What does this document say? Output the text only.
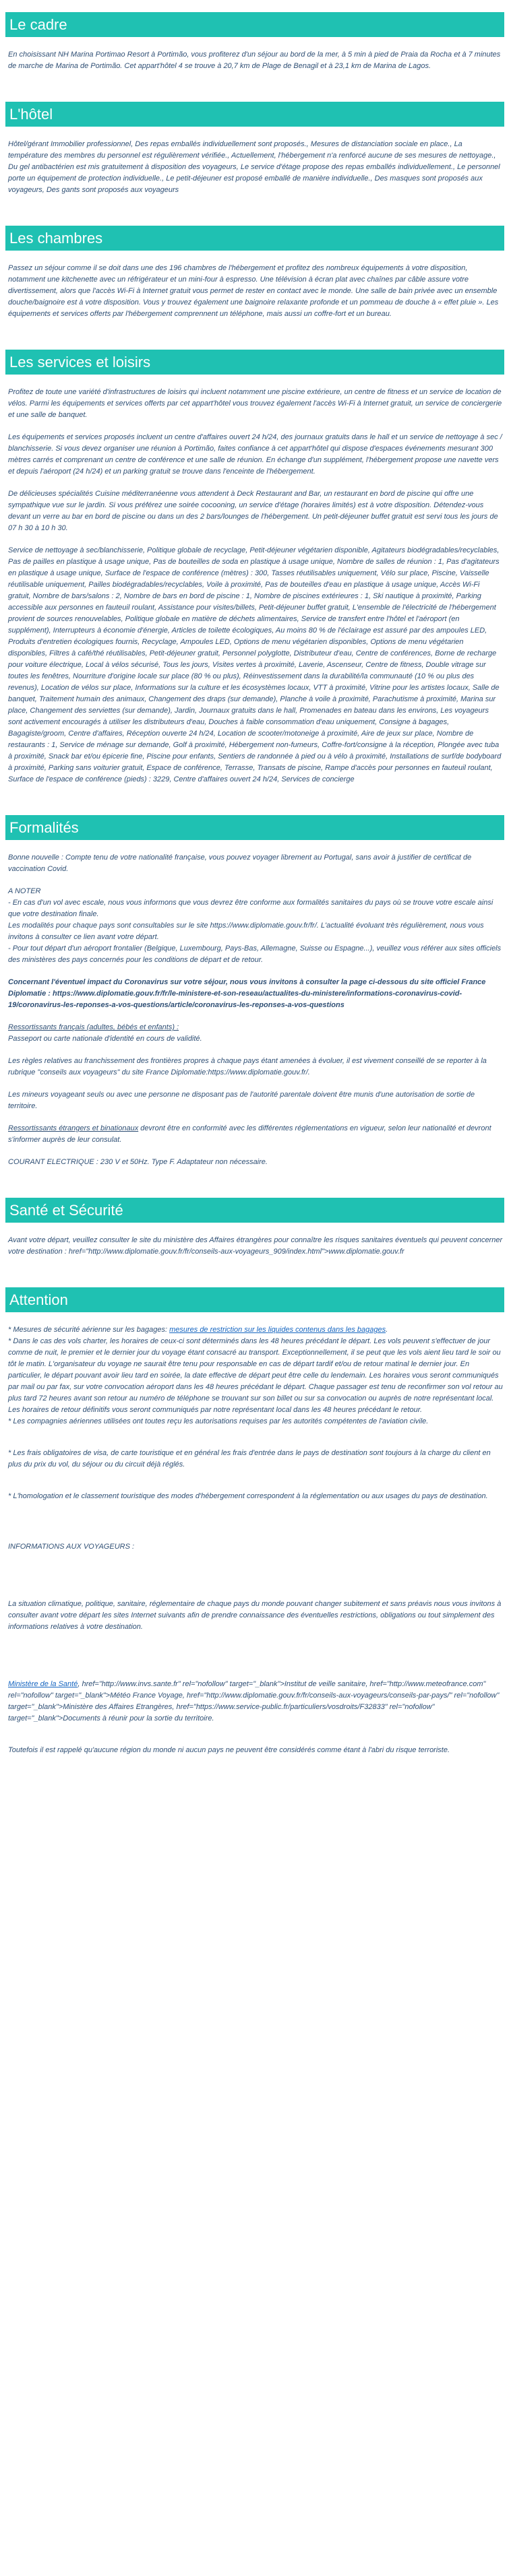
Le cadre

En choisissant NH Marina Portimao Resort à Portimão, vous profiterez d'un séjour au bord de la mer, à 5 min à pied de Praia da Rocha et à 7 minutes de marche de Marina de Portimão. Cet appart'hôtel 4 se trouve à 20,7 km de Plage de Benagil et à 23,1 km de Marina de Lagos.

L'hôtel

Hôtel/gérant Immobilier professionnel, Des repas emballés individuellement sont proposés., Mesures de distanciation sociale en place., La température des membres du personnel est régulièrement vérifiée., Actuellement, l'hébergement n'a renforcé aucune de ses mesures de nettoyage., Du gel antibactérien est mis gratuitement à disposition des voyageurs, Le service d'étage propose des repas emballés individuellement., Le personnel porte un équipement de protection individuelle., Le petit-déjeuner est proposé emballé de manière individuelle., Des masques sont proposés aux voyageurs, Des gants sont proposés aux voyageurs

Les chambres

Passez un séjour comme il se doit dans une des 196 chambres de l'hébergement et profitez des nombreux équipements à votre disposition, notamment une kitchenette avec un réfrigérateur et un mini-four à espresso. Une télévision à écran plat avec chaînes par câble assure votre divertissement, alors que l'accès Wi-Fi à Internet gratuit vous permet de rester en contact avec le monde. Une salle de bain privée avec un ensemble douche/baignoire est à votre disposition. Vous y trouvez également une baignoire relaxante profonde et un pommeau de douche à « effet pluie ». Les équipements et services offerts par l'hébergement comprennent un téléphone, mais aussi un coffre-fort et un bureau.

Les services et loisirs

Profitez de toute une variété d'infrastructures de loisirs qui incluent notamment une piscine extérieure, un centre de fitness et un service de location de vélos. Parmi les équipements et services offerts par cet appart'hôtel vous trouvez également l'accès Wi-Fi à Internet gratuit, un service de conciergerie et une salle de banquet.

Les équipements et services proposés incluent un centre d'affaires ouvert 24 h/24, des journaux gratuits dans le hall et un service de nettoyage à sec / blanchisserie. Si vous devez organiser une réunion à Portimão, faites confiance à cet appart'hôtel qui dispose d'espaces événements mesurant 300 mètres carrés et comprenant un centre de conférence et une salle de réunion. En échange d'un supplément, l'hébergement propose une navette vers et depuis l'aéroport (24 h/24) et un parking gratuit se trouve dans l'enceinte de l'hébergement.

De délicieuses spécialités Cuisine méditerranéenne vous attendent à Deck Restaurant and Bar, un restaurant en bord de piscine qui offre une sympathique vue sur le jardin. Si vous préférez une soirée cocooning, un service d'étage (horaires limités) est à votre disposition. Détendez-vous devant un verre au bar en bord de piscine ou dans un des 2 bars/lounges de l'hébergement. Un petit-déjeuner buffet gratuit est servi tous les jours de 07 h 30 à 10 h 30.

Service de nettoyage à sec/blanchisserie, Politique globale de recyclage, Petit-déjeuner végétarien disponible, Agitateurs biodégradables/recyclables, Pas de pailles en plastique à usage unique, Pas de bouteilles de soda en plastique à usage unique, Nombre de salles de réunion : 1, Pas d'agitateurs en plastique à usage unique, Surface de l'espace de conférence (mètres) : 300, Tasses réutilisables uniquement, Vélo sur place, Piscine, Vaisselle réutilisable uniquement, Pailles biodégradables/recyclables, Voile à proximité, Pas de bouteilles d'eau en plastique à usage unique, Accès Wi-Fi gratuit, Nombre de bars/salons : 2, Nombre de bars en bord de piscine : 1, Nombre de piscines extérieures : 1, Ski nautique à proximité, Parking accessible aux personnes en fauteuil roulant, Assistance pour visites/billets, Petit-déjeuner buffet gratuit, L'ensemble de l'électricité de l'hébergement provient de sources renouvelables, Politique globale en matière de déchets alimentaires, Service de transfert entre l'hôtel et l'aéroport (en supplément), Interrupteurs à économie d'énergie, Articles de toilette écologiques, Au moins 80 % de l'éclairage est assuré par des ampoules LED, Produits d'entretien écologiques fournis, Recyclage, Ampoules LED, Options de menu végétarien disponibles, Options de menu végétarien disponibles, Filtres à café/thé réutilisables, Petit-déjeuner gratuit, Personnel polyglotte, Distributeur d'eau, Centre de conférences, Borne de recharge pour voiture électrique, Local à vélos sécurisé, Tous les jours, Visites vertes à proximité, Laverie, Ascenseur, Centre de fitness, Double vitrage sur toutes les fenêtres, Nourriture d'origine locale sur place (80 % ou plus), Réinvestissement dans la durabilité/la communauté (10 % ou plus des revenus), Location de vélos sur place, Informations sur la culture et les écosystèmes locaux, VTT à proximité, Vitrine pour les artistes locaux, Salle de banquet, Traitement humain des animaux, Changement des draps (sur demande), Planche à voile à proximité, Parachutisme à proximité, Marina sur place, Changement des serviettes (sur demande), Jardin, Journaux gratuits dans le hall, Promenades en bateau dans les environs, Les voyageurs sont activement encouragés à utiliser les distributeurs d'eau, Douches à faible consommation d'eau uniquement, Consigne à bagages, Bagagiste/groom, Centre d'affaires, Réception ouverte 24 h/24, Location de scooter/motoneige à proximité, Aire de jeux sur place, Nombre de restaurants : 1, Service de ménage sur demande, Golf à proximité, Hébergement non-fumeurs, Coffre-fort/consigne à la réception, Plongée avec tuba à proximité, Snack bar et/ou épicerie fine, Piscine pour enfants, Sentiers de randonnée à pied ou à vélo à proximité, Installations de surf/de bodyboard à proximité, Parking sans voiturier gratuit, Espace de conférence, Terrasse, Transats de piscine, Rampe d'accès pour personnes en fauteuil roulant, Surface de l'espace de conférence (pieds) : 3229, Centre d'affaires ouvert 24 h/24, Services de concierge

Formalités

Bonne nouvelle : Compte tenu de votre nationalité française, vous pouvez voyager librement au Portugal, sans avoir à justifier de certificat de vaccination Covid.

A NOTER
- En cas d'un vol avec escale, nous vous informons que vous devrez être conforme aux formalités sanitaires du pays où se trouve votre escale ainsi que votre destination finale.
Les modalités pour chaque pays sont consultables sur le site https://www.diplomatie.gouv.fr/fr/. L'actualité évoluant très régulièrement, nous vous invitons à consulter ce lien avant votre départ.
- Pour tout départ d'un aéroport frontalier (Belgique, Luxembourg, Pays-Bas, Allemagne, Suisse ou Espagne...), veuillez vous référer aux sites officiels des ministères des pays concernés pour les conditions de départ et de retour.

Concernant l'éventuel impact du Coronavirus sur votre séjour, nous vous invitons à consulter la page ci-dessous du site officiel France Diplomatie : https://www.diplomatie.gouv.fr/fr/le-ministere-et-son-reseau/actualites-du-ministere/informations-coronavirus-covid-19/coronavirus-les-reponses-a-vos-questions/article/coronavirus-les-reponses-a-vos-questions

Ressortissants français (adultes, bébés et enfants) :
Passeport ou carte nationale d'identité en cours de validité.

Les règles relatives au franchissement des frontières propres à chaque pays étant amenées à évoluer, il est vivement conseillé de se reporter à la rubrique "conseils aux voyageurs" du site France Diplomatie:https://www.diplomatie.gouv.fr/.

Les mineurs voyageant seuls ou avec une personne ne disposant pas de l'autorité parentale doivent être munis d'une autorisation de sortie de territoire.

Ressortissants étrangers et binationaux devront être en conformité avec les différentes réglementations en vigueur, selon leur nationalité et devront s'informer auprès de leur consulat.

COURANT ELECTRIQUE : 230 V et 50Hz. Type F. Adaptateur non nécessaire.

Santé et Sécurité

Avant votre départ, veuillez consulter le site du ministère des Affaires étrangères pour connaître les risques sanitaires éventuels qui peuvent concerner votre destination : href="http://www.diplomatie.gouv.fr/fr/conseils-aux-voyageurs_909/index.html">www.diplomatie.gouv.fr

Attention

* Mesures de sécurité aérienne sur les bagages: mesures de restriction sur les liquides contenus dans les bagages.
* Dans le cas des vols charter, les horaires de ceux-ci sont déterminés dans les 48 heures précédant le départ. Les vols peuvent s'effectuer de jour comme de nuit, le premier et le dernier jour du voyage étant consacré au transport. Exceptionnellement, il se peut que les vols aient lieu tard le soir ou tôt le matin. L'organisateur du voyage ne saurait être tenu pour responsable en cas de départ tardif et/ou de retour matinal le dernier jour. En particulier, le départ pouvant avoir lieu tard en soirée, la date effective de départ peut être celle du lendemain. Les horaires vous seront communiqués par mail ou par fax, sur votre convocation aéroport dans les 48 heures précédant le départ. Chaque passager est tenu de reconfirmer son vol retour au plus tard 72 heures avant son retour au numéro de téléphone se trouvant sur son billet ou sur sa convocation ou auprès de notre représentant local. Les horaires de retour définitifs vous seront communiqués par notre représentant local dans les 48 heures précédant le retour.
* Les compagnies aériennes utilisées ont toutes reçu les autorisations requises par les autorités compétentes de l'aviation civile.

* Les frais obligatoires de visa, de carte touristique et en général les frais d'entrée dans le pays de destination sont toujours à la charge du client en plus du prix du vol, du séjour ou du circuit déjà réglés.

* L'homologation et le classement touristique des modes d'hébergement correspondent à la réglementation ou aux usages du pays de destination.

INFORMATIONS AUX VOYAGEURS :

La situation climatique, politique, sanitaire, réglementaire de chaque pays du monde pouvant changer subitement et sans préavis nous vous invitons à consulter avant votre départ les sites Internet suivants afin de prendre connaissance des éventuelles restrictions, obligations ou tout simplement des informations relatives à votre destination.

Ministère de la Santé, href="http://www.invs.sante.fr" rel="nofollow" target="_blank">Institut de veille sanitaire, href="http://www.meteofrance.com" rel="nofollow" target="_blank">Météo France Voyage, href="http://www.diplomatie.gouv.fr/fr/conseils-aux-voyageurs/conseils-par-pays/" rel="nofollow" target="_blank">Ministère des Affaires Etrangères, href="https://www.service-public.fr/particuliers/vosdroits/F32833" rel="nofollow" target="_blank">Documents à réunir pour la sortie du territoire.

Toutefois il est rappelé qu'aucune région du monde ni aucun pays ne peuvent être considérés comme étant à l'abri du risque terroriste.
